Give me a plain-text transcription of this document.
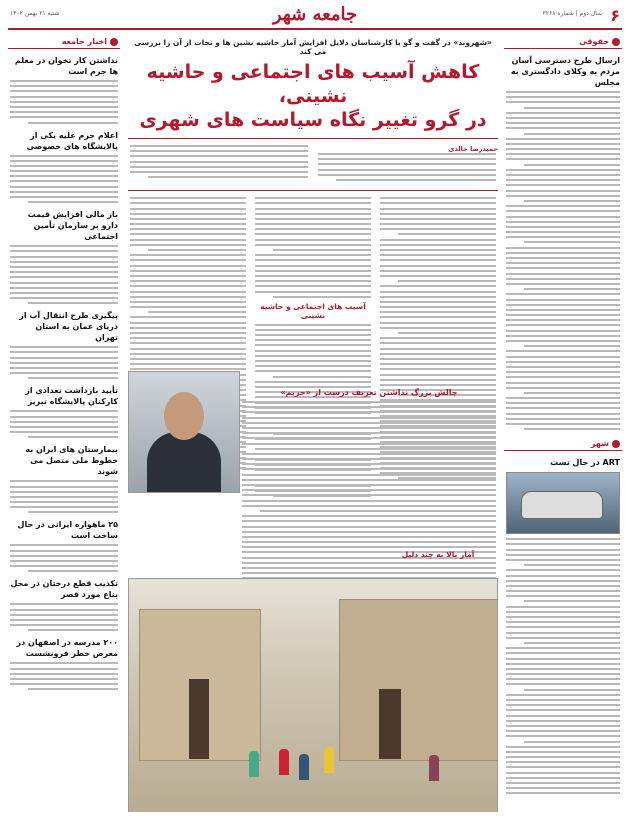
جامعه شهر	۶
سال دوم | شماره ۳۲۶۸
شنبه ۲۱ بهمن ۱۴۰۲
حقوقی
ارسال طرح دسترسی آسان مردم به وکلای دادگستری به مجلس
شهر
ART در حال تست
«شهروند» در گفت و گو با کارشناسان دلایل افزایش آمار حاشیه نشین ها و نجات از آن را بررسی می کند
کاهش آسیب های اجتماعی و حاشیه نشینی،
در گرو تغییر نگاه سیاست های شهری
حمیدرضا خالدی
آسیب های اجتماعی و حاشیه نشینی
چالش بزرگ نداشتن تعریف درست از «حریم»
آمار بالا به چند دلیل
اخبار جامعه
نداشتن کار تخوان در معلم ها جرم است
اعلام جرم علیه یکی از پالایشگاه های خصوصی
باز مالی افزایش قیمت دارو بر سازمان تأمین اجتماعی
پیگیری طرح انتقال آب از دریای عمان به استان تهران
تأیید بازداشت تعدادی از کارکنان پالایشگاه تبریز
بیمارستان های ایران به خطوط ملی متصل می شوند
۲۵ ماهواره ایرانی در حال ساخت است
تکذیب قطع درختان در محل بناع مورد قصر
۲۰۰ مدرسه در اصفهان در معرض خطر فرونشست
